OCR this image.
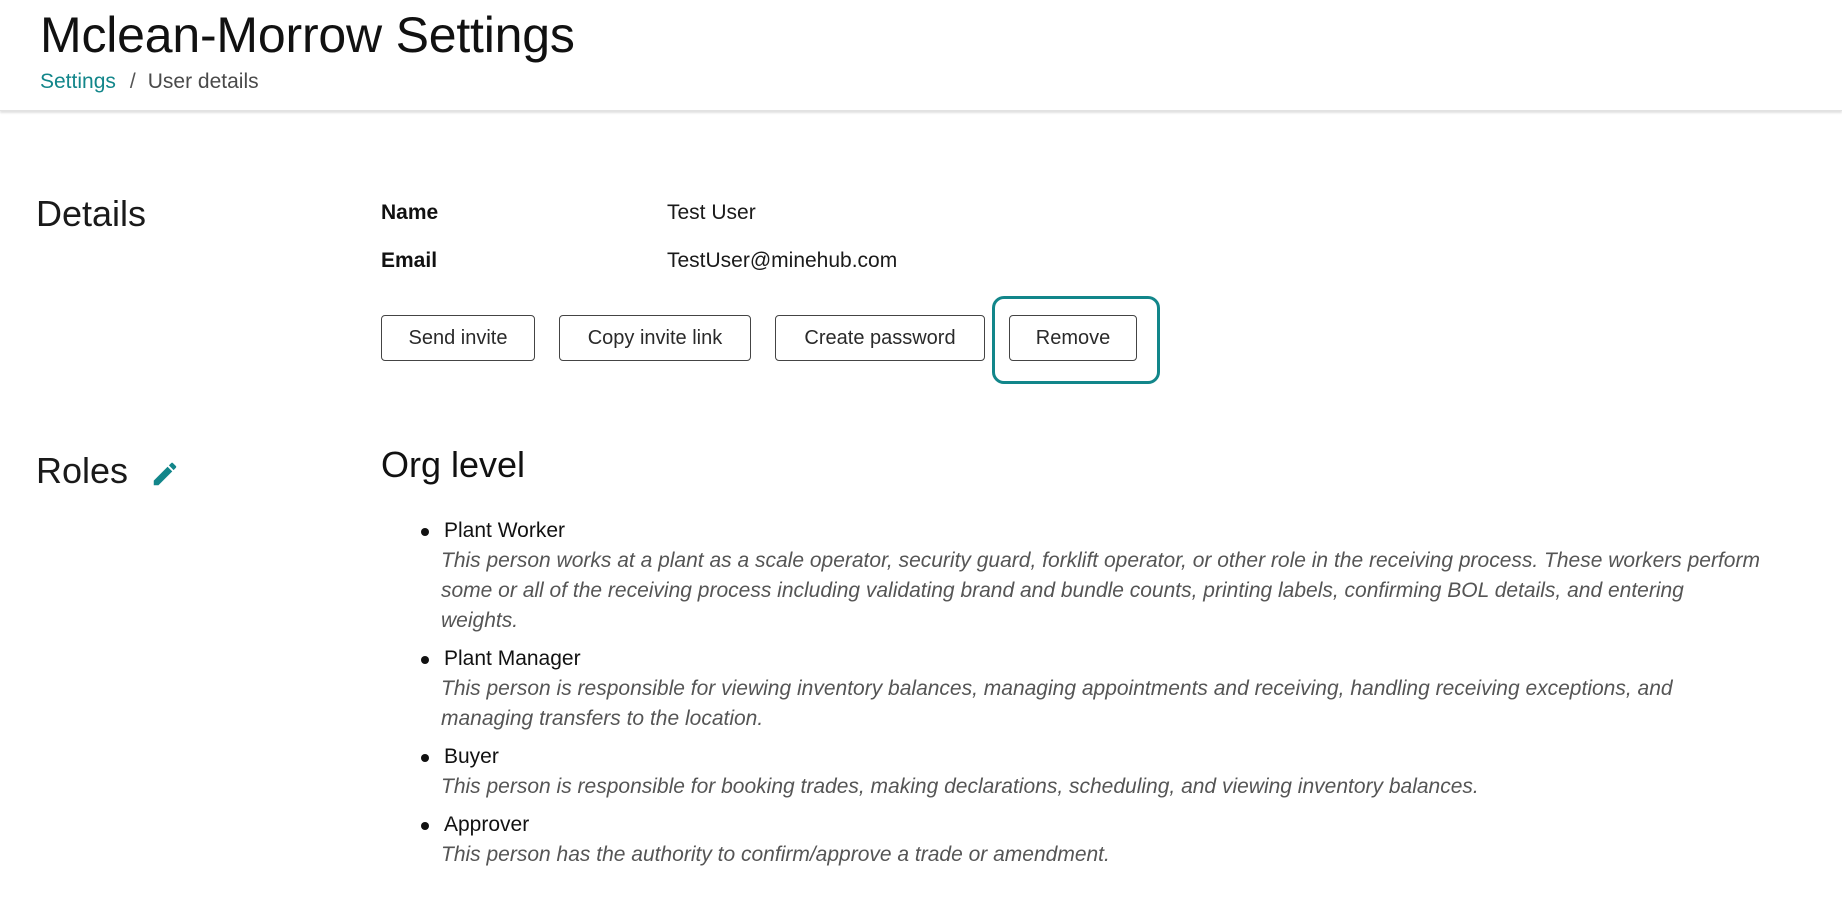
Mclean-Morrow Settings
Settings / User details
Details	Name	Test User
Email	TestUser@minehub.com
Send invite	Copy invite link	Create password	Remove
Roles	Org level
Plant Worker
This person works at a plant as a scale operator, security guard, forklift operator, or other role in the receiving process. These workers perform some or all of the receiving process including validating brand and bundle counts, printing labels, confirming BOL details, and entering weights.
Plant Manager
This person is responsible for viewing inventory balances, managing appointments and receiving, handling receiving exceptions, and managing transfers to the location.
Buyer
This person is responsible for booking trades, making declarations, scheduling, and viewing inventory balances.
Approver
This person has the authority to confirm/approve a trade or amendment.
